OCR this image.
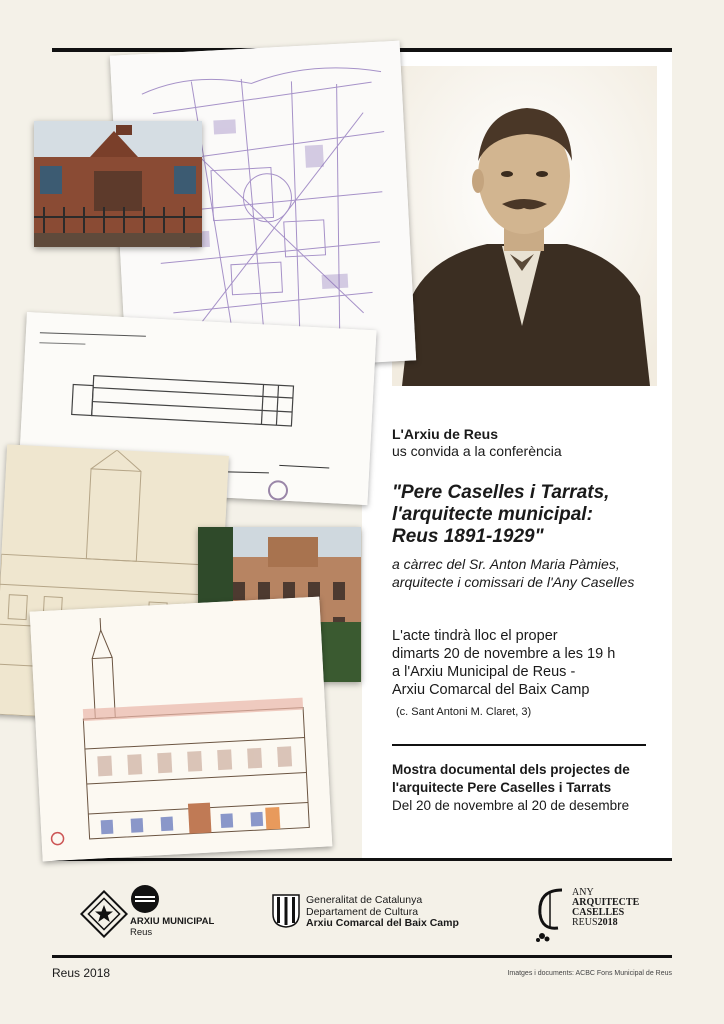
L'Arxiu de Reus
us convida a la conferència
"Pere Caselles i Tarrats,
l'arquitecte municipal:
Reus 1891-1929"
a càrrec del Sr. Anton Maria Pàmies,
arquitecte i comissari de l'Any Caselles
L'acte tindrà lloc el proper
dimarts 20 de novembre a les 19 h
a l'Arxiu Municipal de Reus -
Arxiu Comarcal del Baix Camp
(c. Sant Antoni M. Claret, 3)
Mostra documental dels projectes de
l'arquitecte Pere Caselles i Tarrats
Del 20 de novembre al 20 de desembre
ARXIU MUNICIPAL
Reus
Generalitat de Catalunya
Departament de Cultura
Arxiu Comarcal del Baix Camp
ANY
ARQUITECTE
CASELLES
REUS2018
Reus 2018	Imatges i documents: ACBC Fons Municipal de Reus
